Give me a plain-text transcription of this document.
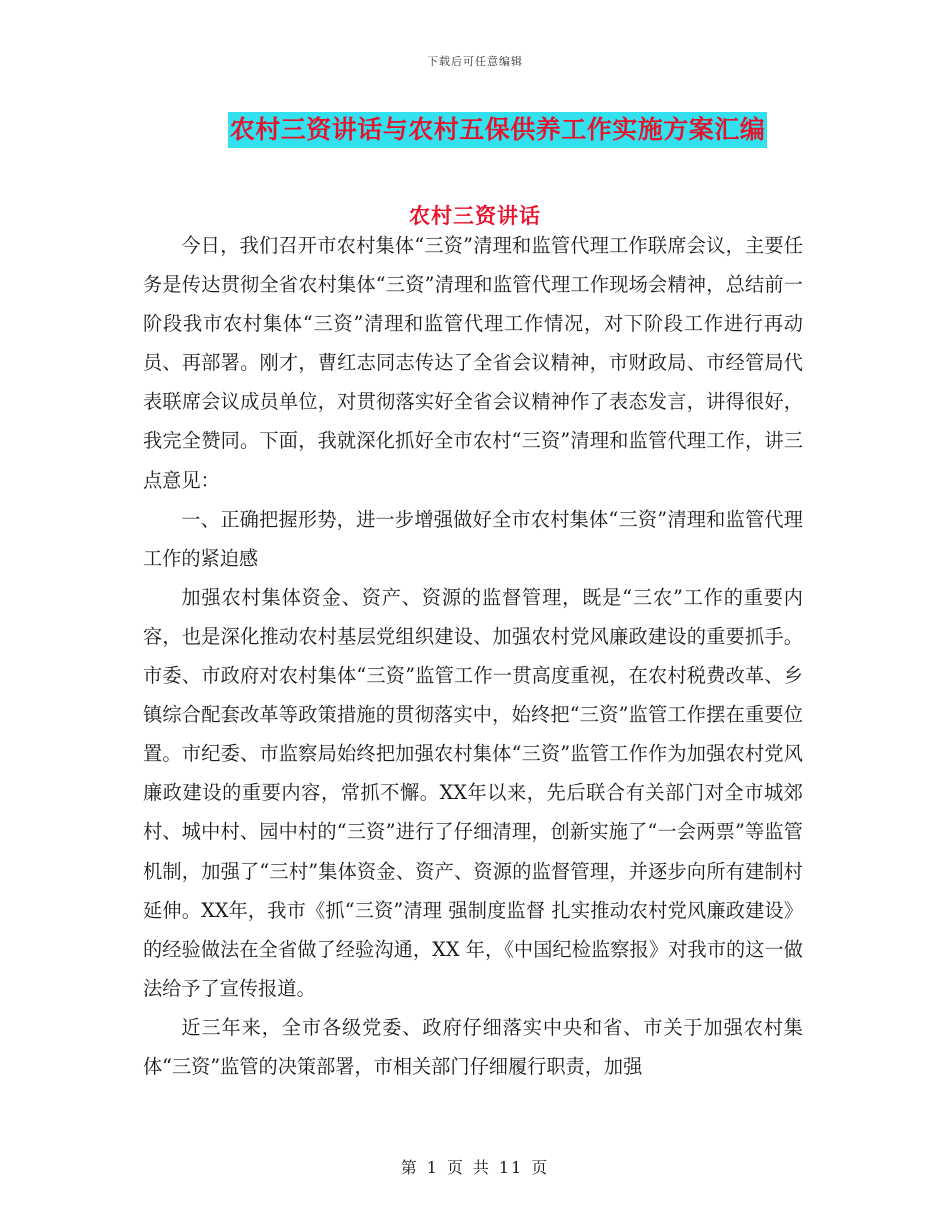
下载后可任意编辑
农村三资讲话与农村五保供养工作实施方案汇编
农村三资讲话

今日，我们召开市农村集体“三资”清理和监管代理工作联席会议，主要任务是传达贯彻全省农村集体“三资”清理和监管代理工作现场会精神，总结前一阶段我市农村集体“三资”清理和监管代理工作情况，对下阶段工作进行再动员、再部署。刚才，曹红志同志传达了全省会议精神，市财政局、市经管局代表联席会议成员单位，对贯彻落实好全省会议精神作了表态发言，讲得很好，我完全赞同。下面，我就深化抓好全市农村“三资”清理和监管代理工作，讲三点意见：

一、正确把握形势，进一步增强做好全市农村集体“三资”清理和监管代理工作的紧迫感

加强农村集体资金、资产、资源的监督管理，既是“三农”工作的重要内容，也是深化推动农村基层党组织建设、加强农村党风廉政建设的重要抓手。市委、市政府对农村集体“三资”监管工作一贯高度重视，在农村税费改革、乡镇综合配套改革等政策措施的贯彻落实中，始终把“三资”监管工作摆在重要位置。市纪委、市监察局始终把加强农村集体“三资”监管工作作为加强农村党风廉政建设的重要内容，常抓不懈。XX年以来，先后联合有关部门对全市城郊村、城中村、园中村的“三资”进行了仔细清理，创新实施了“一会两票”等监管机制，加强了“三村”集体资金、资产、资源的监督管理，并逐步向所有建制村延伸。XX年，我市《抓“三资”清理 强制度监督 扎实推动农村党风廉政建设》的经验做法在全省做了经验沟通，XX 年，《中国纪检监察报》对我市的这一做法给予了宣传报道。

近三年来，全市各级党委、政府仔细落实中央和省、市关于加强农村集体“三资”监管的决策部署，市相关部门仔细履行职责，加强

第 1 页 共 11 页
